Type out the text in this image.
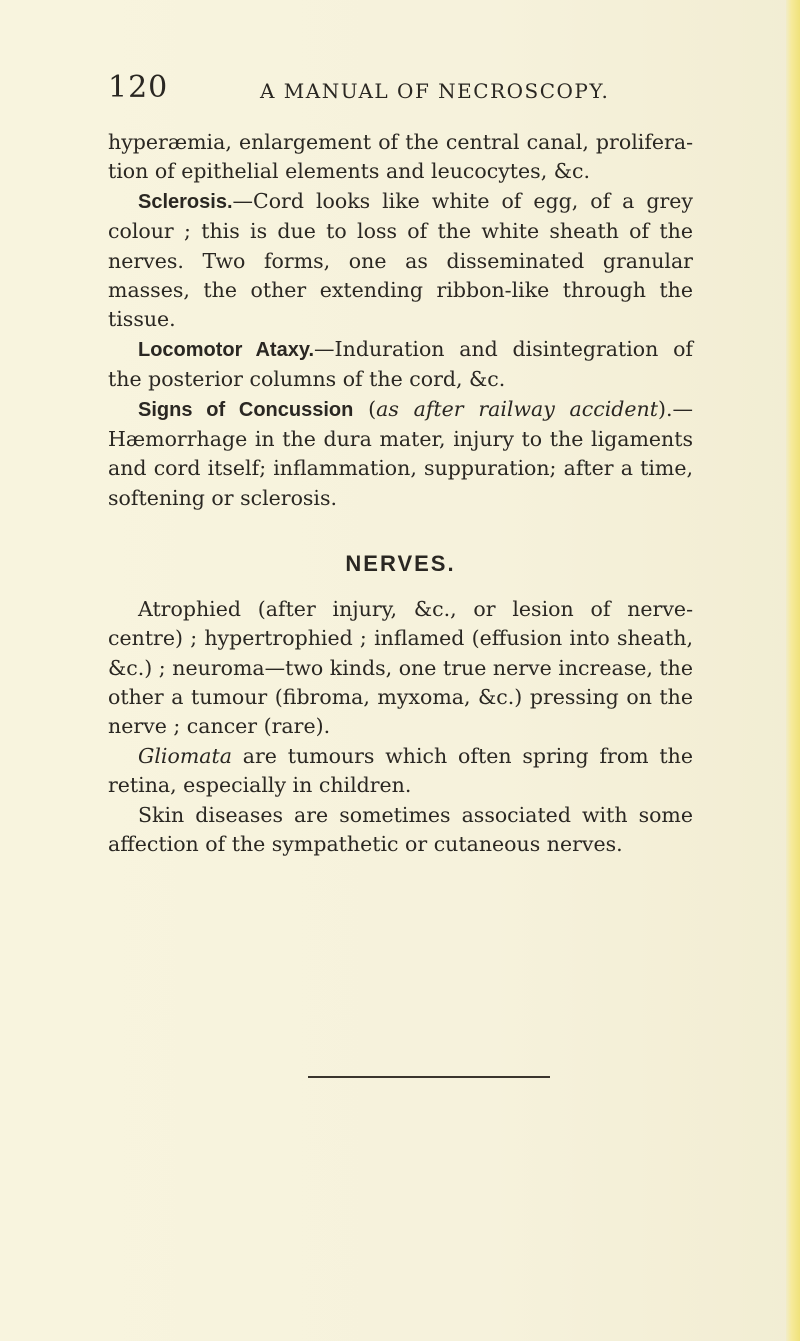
120	A MANUAL OF NECROSCOPY.

hyperæmia, enlargement of the central canal, proliferation of epithelial elements and leucocytes, &c.

Sclerosis.—Cord looks like white of egg, of a grey colour ; this is due to loss of the white sheath of the nerves. Two forms, one as disseminated granular masses, the other extending ribbon-like through the tissue.

Locomotor Ataxy.—Induration and disintegration of the posterior columns of the cord, &c.

Signs of Concussion (as after railway accident).— Hæmorrhage in the dura mater, injury to the ligaments and cord itself; inflammation, suppuration; after a time, softening or sclerosis.

NERVES.

Atrophied (after injury, &c., or lesion of nerve-centre) ; hypertrophied ; inflamed (effusion into sheath, &c.) ; neuroma—two kinds, one true nerve increase, the other a tumour (fibroma, myxoma, &c.) pressing on the nerve ; cancer (rare).

Gliomata are tumours which often spring from the retina, especially in children.

Skin diseases are sometimes associated with some affection of the sympathetic or cutaneous nerves.
